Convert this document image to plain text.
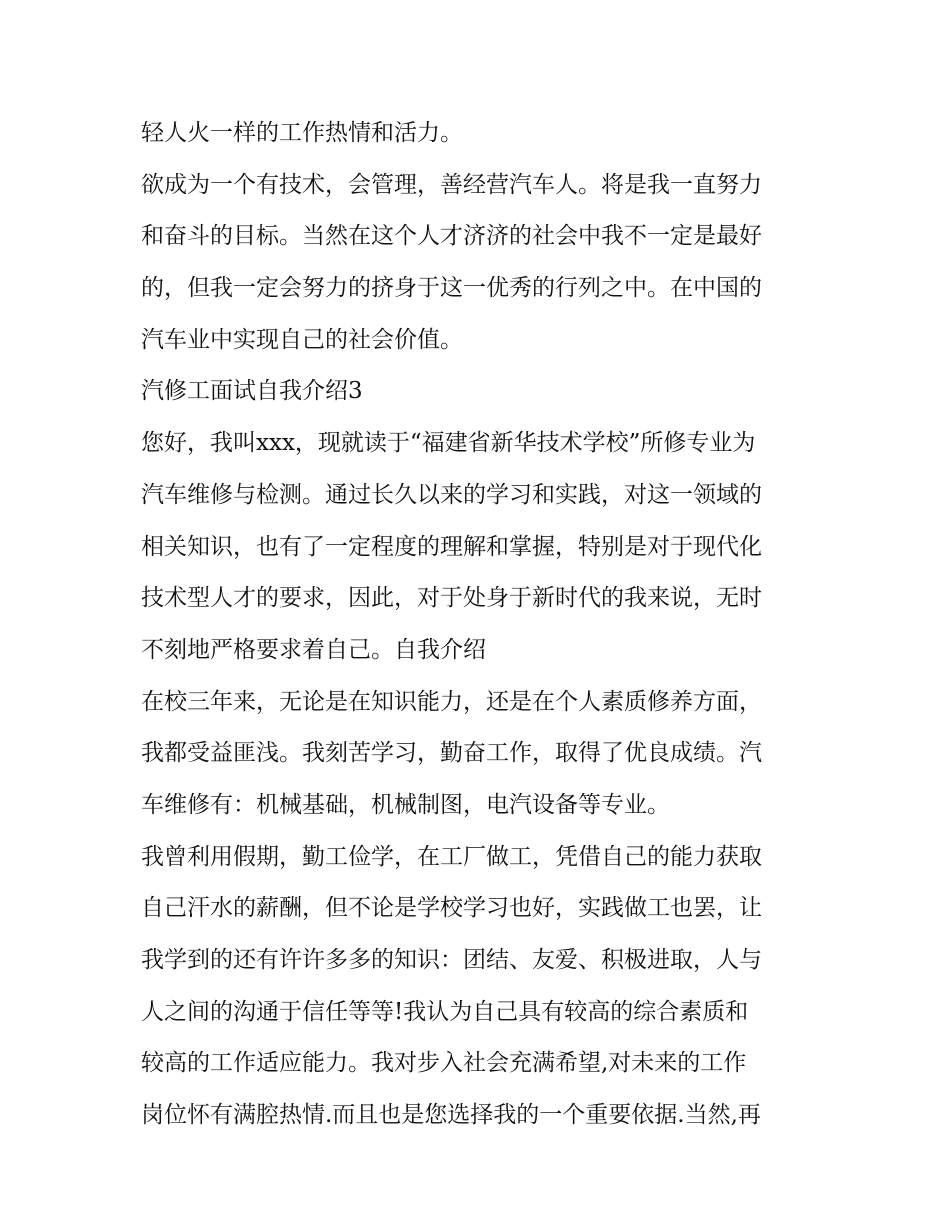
轻人火一样的工作热情和活力。
欲成为一个有技术，会管理，善经营汽车人。将是我一直努力
和奋斗的目标。当然在这个人才济济的社会中我不一定是最好
的，但我一定会努力的挤身于这一优秀的行列之中。在中国的
汽车业中实现自己的社会价值。
汽修工面试自我介绍3
您好，我叫xxx，现就读于“福建省新华技术学校”所修专业为
汽车维修与检测。通过长久以来的学习和实践，对这一领域的
相关知识，也有了一定程度的理解和掌握，特别是对于现代化
技术型人才的要求，因此，对于处身于新时代的我来说，无时
不刻地严格要求着自己。自我介绍
在校三年来，无论是在知识能力，还是在个人素质修养方面，
我都受益匪浅。我刻苦学习，勤奋工作，取得了优良成绩。汽
车维修有：机械基础，机械制图，电汽设备等专业。
我曾利用假期，勤工俭学，在工厂做工，凭借自己的能力获取
自己汗水的薪酬，但不论是学校学习也好，实践做工也罢，让
我学到的还有许许多多的知识：团结、友爱、积极进取，人与
人之间的沟通于信任等等!我认为自己具有较高的综合素质和
较高的工作适应能力。我对步入社会充满希望,对未来的工作
岗位怀有满腔热情.而且也是您选择我的一个重要依据.当然,再
